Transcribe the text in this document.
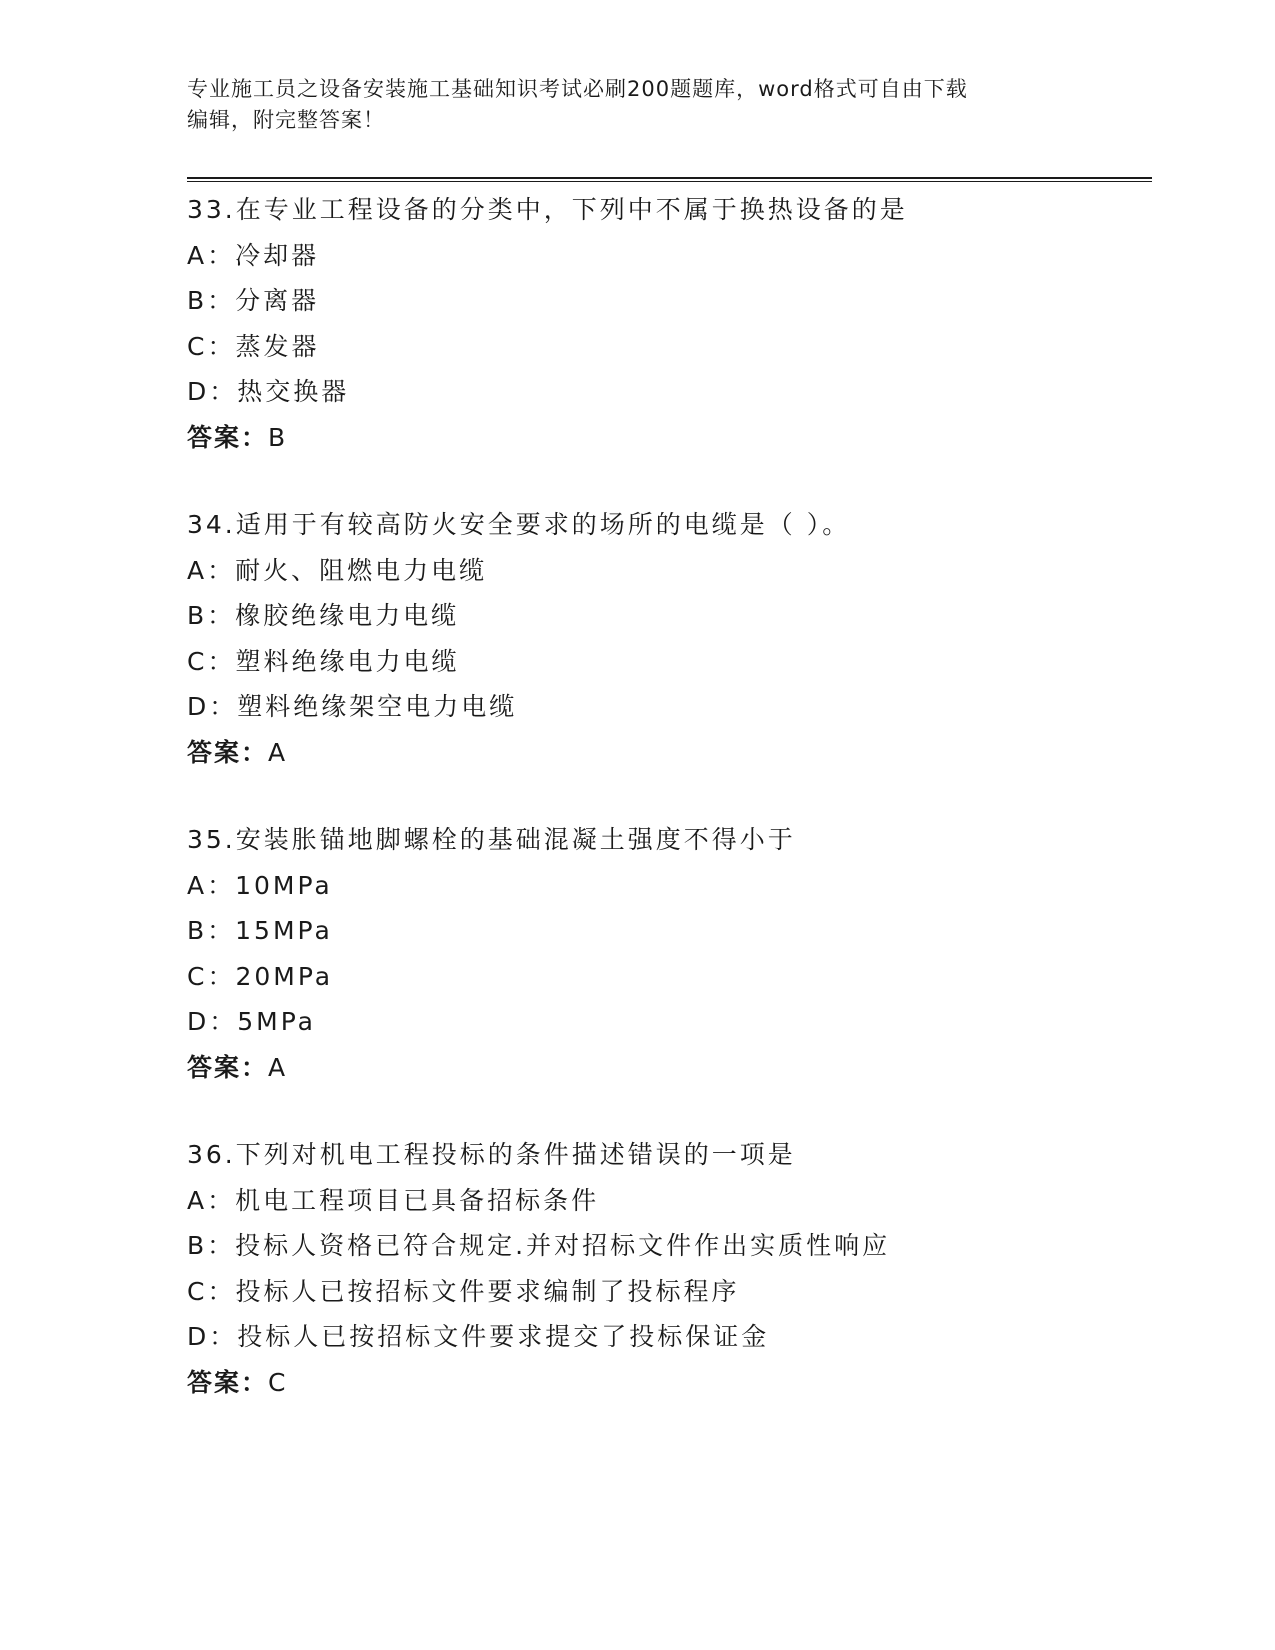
专业施工员之设备安装施工基础知识考试必刷200题题库，word格式可自由下载
编辑，附完整答案！
33.在专业工程设备的分类中，下列中不属于换热设备的是
A：冷却器
B：分离器
C：蒸发器
D：热交换器
答案：B
34.适用于有较高防火安全要求的场所的电缆是（ ）。
A：耐火、阻燃电力电缆
B：橡胶绝缘电力电缆
C：塑料绝缘电力电缆
D：塑料绝缘架空电力电缆
答案：A
35.安装胀锚地脚螺栓的基础混凝土强度不得小于
A：10MPa
B：15MPa
C：20MPa
D：5MPa
答案：A
36.下列对机电工程投标的条件描述错误的一项是
A：机电工程项目已具备招标条件
B：投标人资格已符合规定.并对招标文件作出实质性响应
C：投标人已按招标文件要求编制了投标程序
D：投标人已按招标文件要求提交了投标保证金
答案：C
